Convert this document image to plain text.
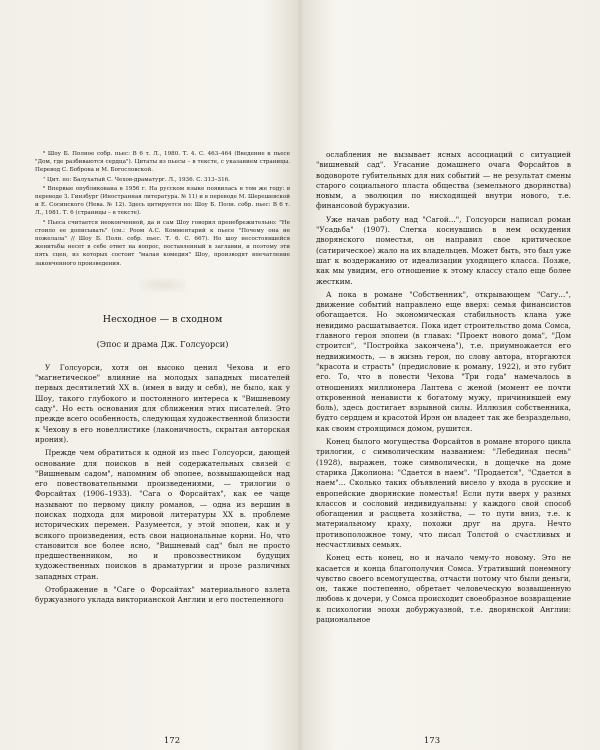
⁶ Шоу Б. Полное собр. пьес: В 6 т. Л., 1980. Т. 4. С. 463–464 (Введение к пьесе "Дом, где разбиваются сердца"). Цитаты из пьесы – в тексте, с указанием страницы. Перевод С. Боброва и М. Богословской.

⁷ Цит. по: Балухатый С. Чехов-драматург. Л., 1936. С. 313–316.

⁸ Впервые опубликована в 1956 г. На русском языке появилась в том же году: в переводе З. Гинзбург (Иностранная литература. № 11) и в переводе М. Шерешевской и Е. Сосинского (Нева. № 12). Здесь цитируется по: Шоу Б. Полн. собр. пьес: В 6 т. Л., 1981. Т. 6 (страницы – в тексте).

⁹ Пьеса считается неоконченной, да и сам Шоу говорил пренебрежительно: "Не стоило ее дописывать" (см.: Роом А.С. Комментарий к пьесе "Почему она не пожелала" // Шоу Б. Полн. собр. пьес. Т. 6. С. 667). Но шоу несостоявшейся женитьбы несет в себе ответ на вопрос, поставленный в заглавии, и поэтому эти пять сцен, из которых состоит "малая комедия" Шоу, производят впечатление законченного произведения.

Несходное — в сходном
(Эпос и драма Дж. Голсуорси)

У Голсуорси, хотя он высоко ценил Чехова и его "магнетическое" влияние на молодых западных писателей первых десятилетий XX в. (имея в виду и себя), не было, как у Шоу, такого глубокого и постоянного интереса к "Вишневому саду". Но есть основания для сближения этих писателей. Это прежде всего особенность, следующая художественной близости к Чехову в его новеллистике (лаконичность, скрытая авторская ирония).

Прежде чем обратиться к одной из пьес Голсуорси, дающей основание для поисков в ней содержательных связей с "Вишневым садом", напомним об эпопее, возвышающейся над его повествовательными произведениями, — трилогии о Форсайтах (1906–1933). "Сага о Форсайтах", как ее чаще называют по первому циклу романов, — одна из вершин в поисках подхода для мировой литературы XX в. проблеме исторических перемен. Разумеется, у этой эпопеи, как и у всякого произведения, есть свои национальные корни. Но, что становится все более ясно, "Вишневый сад" был не просто предшественником, но и провозвестником будущих художественных поисков в драматургии и прозе различных западных стран.

Отображение в "Саге о Форсайтах" материального взлета буржуазного уклада викторианской Англии и его постепенного

ослабления не вызывает ясных ассоциаций с ситуацией "вишневый сад". Угасание домашнего очага Форсайтов в водовороте губительных для них событий — не результат смены старого социального пласта общества (земельного дворянства) новым, а эволюция по нисходящей внутри нового, т.е. финансовой буржуазии.

Уже начав работу над "Сагой...", Голсуорси написал роман "Усадьба" (1907). Слегка коснувшись в нем оскудения дворянского поместья, он направил свое критическое (сатирическое) жало на их владельцев. Может быть, это был уже шаг к воздержанию от идеализации уходящего класса. Позже, как мы увидим, его отношение к этому классу стало еще более жестким.

А пока в романе "Собственник", открывающем "Сагу...", движение событий направлено еще вверх: семья финансистов обогащается. Но экономическая стабильность клана уже невидимо расшатывается. Пока идет строительство дома Сомса, главного героя эпопеи (в главах: "Проект нового дома", "Дом строится", "Постройка закончена"), т.е. приумножается его недвижимость, — в жизнь героя, по слову автора, вторгаются "красота и страсть" (предисловие к роману, 1922), и это губит его. То, что в повести Чехова "Три года" намечалось в отношениях миллионера Лаптева с женой (момент ее почти откровенной ненависти к богатому мужу, причинившей ему боль), здесь достигает взрывной силы. Иллюзия собственника, будто сердцем и красотой Ирэн он владеет так же безраздельно, как своим строящимся домом, рушится.

Конец былого могущества Форсайтов в романе второго цикла трилогии, с символическим названием: "Лебединая песнь" (1928), выражен, тоже символически, в дощечке на доме старика Джолиона: "Сдается в наем". "Продается", "Сдается в наем"... Сколько таких объявлений висело у входа в русские и европейские дворянские поместья! Если пути вверх у разных классов и сословий индивидуальны: у каждого свой способ обогащения и расцвета хозяйства, — то пути вниз, т.е. к материальному краху, похожи друг на друга. Нечто противоположное тому, что писал Толстой о счастливых и несчастливых семьях.

Конец есть конец, но и начало чему-то новому. Это не касается и конца благополучия Сомса. Утративший понемногу чувство своего всемогущества, отчасти потому что были деньги, он, также постепенно, обретает человеческую возвышенную любовь к дочери, у Сомса происходит своеобразное возвращение к психологии эпохи добуржуазной, т.е. дворянской Англии: рациональное

172	173
